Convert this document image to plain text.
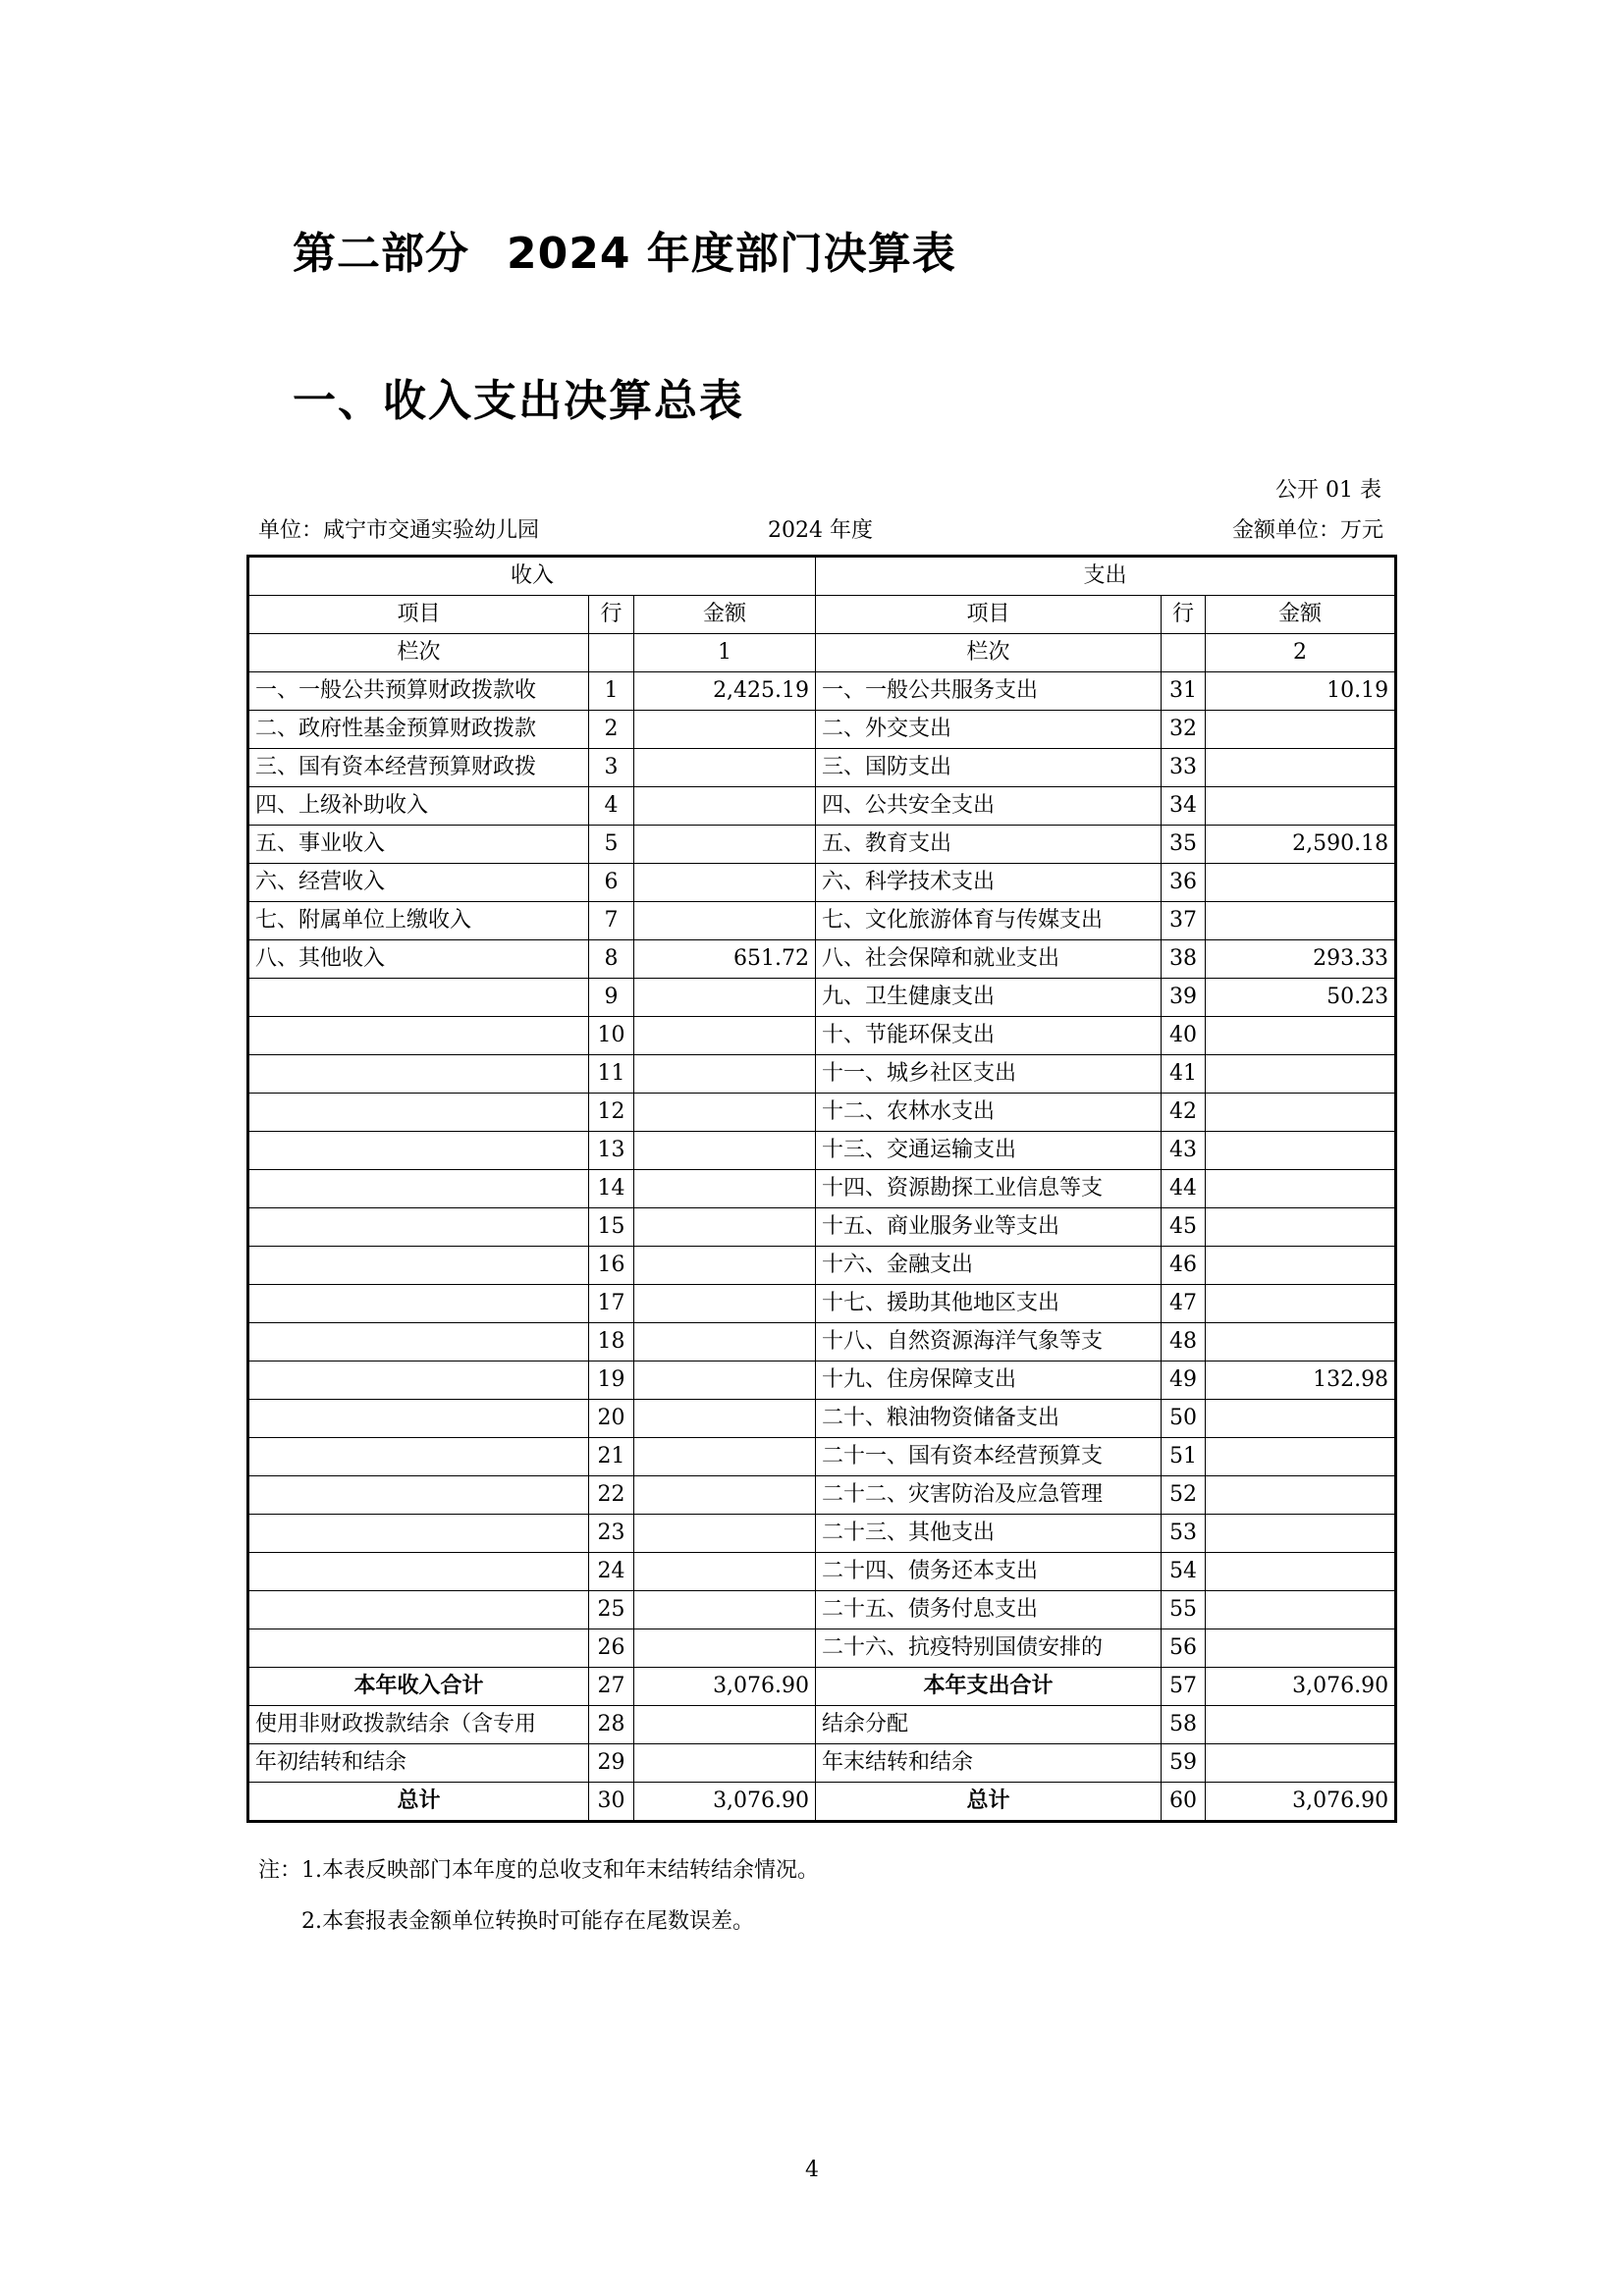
第二部分 2024 年度部门决算表
一、收入支出决算总表
公开 01 表
单位：咸宁市交通实验幼儿园	2024 年度	金额单位：万元
收入			支出		
项目	行	金额	项目	行	金额
栏次		1	栏次		2
一、一般公共预算财政拨款收	1	2,425.19	一、一般公共服务支出	31	10.19
二、政府性基金预算财政拨款	2		二、外交支出	32	
三、国有资本经营预算财政拨	3		三、国防支出	33	
四、上级补助收入	4		四、公共安全支出	34	
五、事业收入	5		五、教育支出	35	2,590.18
六、经营收入	6		六、科学技术支出	36	
七、附属单位上缴收入	7		七、文化旅游体育与传媒支出	37	
八、其他收入	8	651.72	八、社会保障和就业支出	38	293.33
	9		九、卫生健康支出	39	50.23
	10		十、节能环保支出	40	
	11		十一、城乡社区支出	41	
	12		十二、农林水支出	42	
	13		十三、交通运输支出	43	
	14		十四、资源勘探工业信息等支	44	
	15		十五、商业服务业等支出	45	
	16		十六、金融支出	46	
	17		十七、援助其他地区支出	47	
	18		十八、自然资源海洋气象等支	48	
	19		十九、住房保障支出	49	132.98
	20		二十、粮油物资储备支出	50	
	21		二十一、国有资本经营预算支	51	
	22		二十二、灾害防治及应急管理	52	
	23		二十三、其他支出	53	
	24		二十四、债务还本支出	54	
	25		二十五、债务付息支出	55	
	26		二十六、抗疫特别国债安排的	56	
本年收入合计	27	3,076.90	本年支出合计	57	3,076.90
使用非财政拨款结余（含专用	28		结余分配	58	
年初结转和结余	29		年末结转和结余	59	
总计	30	3,076.90	总计	60	3,076.90
注：1.本表反映部门本年度的总收支和年末结转结余情况。
2.本套报表金额单位转换时可能存在尾数误差。
4
